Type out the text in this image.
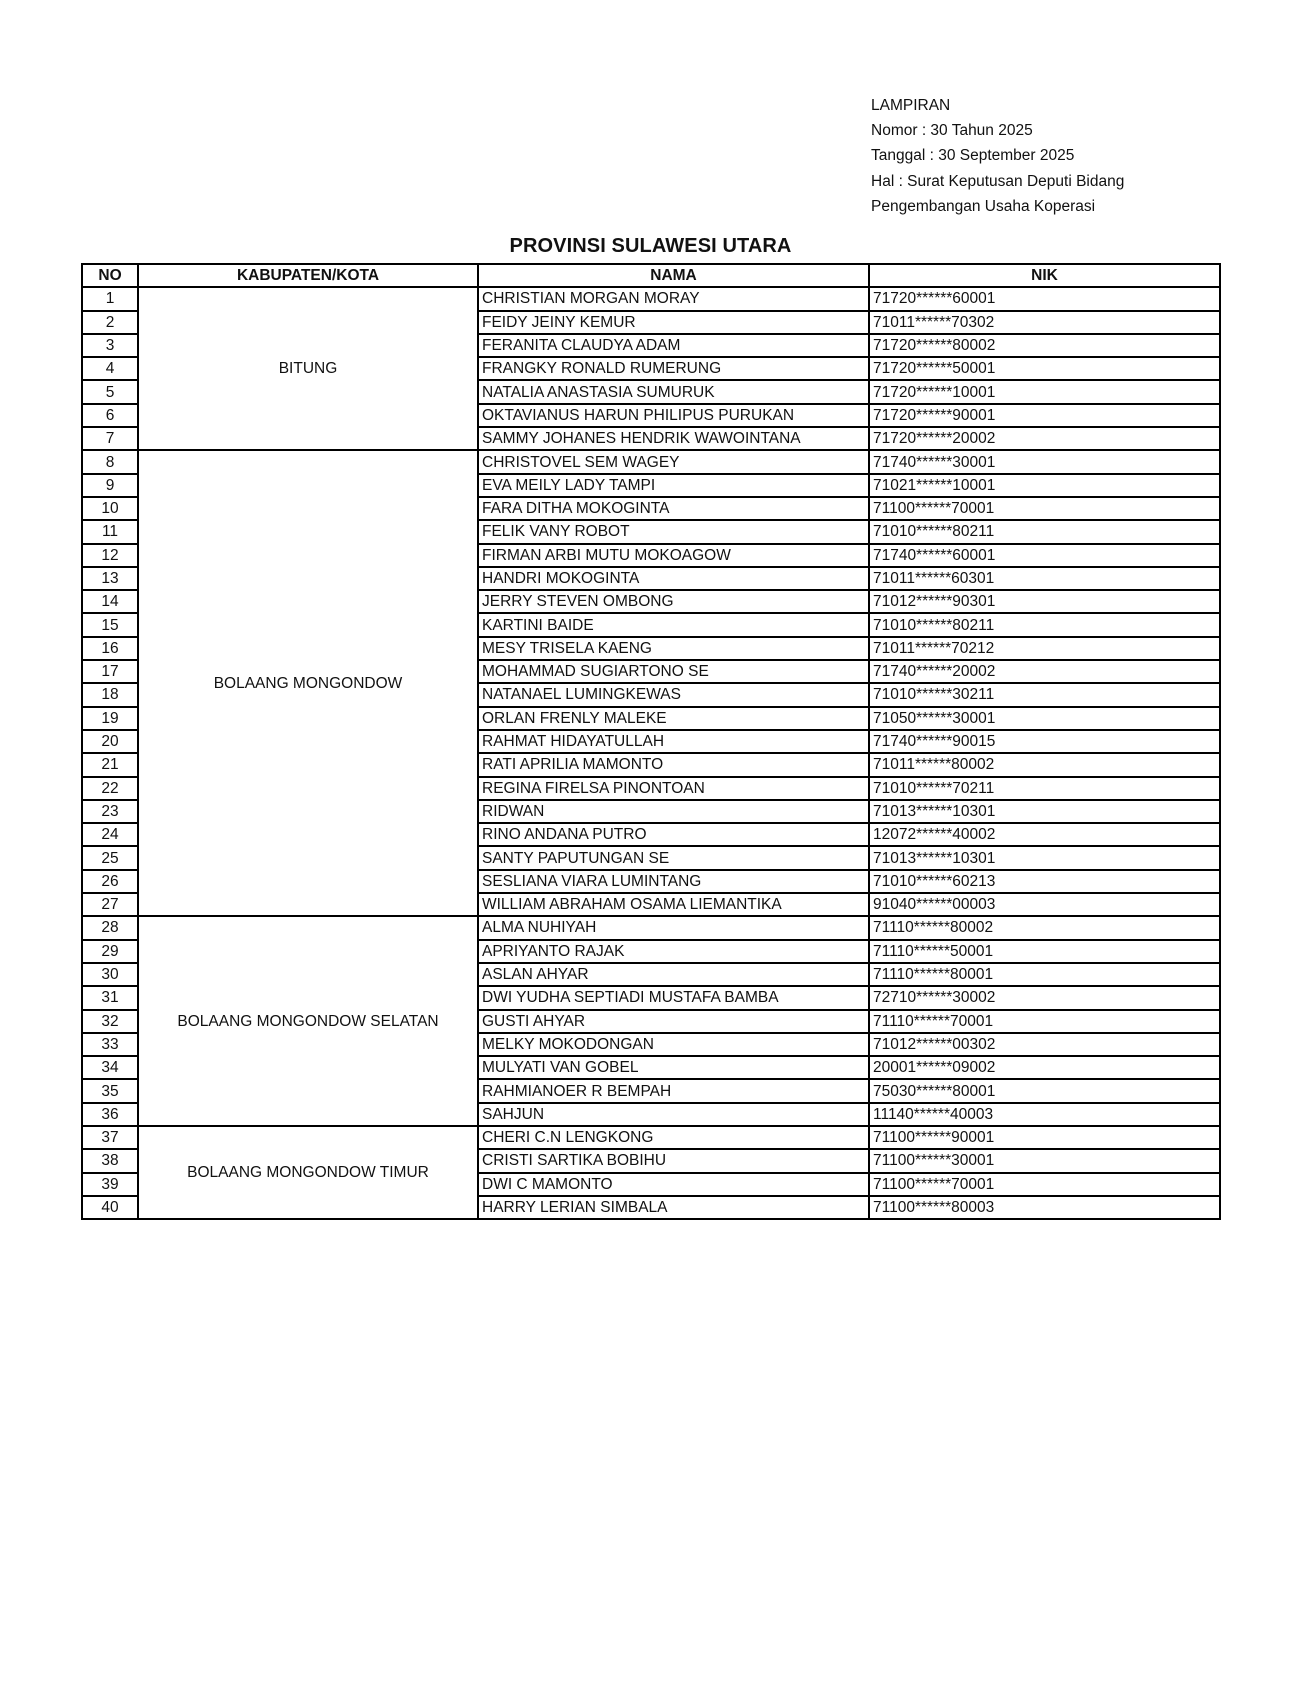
LAMPIRAN
Nomor : 30 Tahun 2025
Tanggal : 30 September 2025
Hal : Surat Keputusan Deputi Bidang
Pengembangan Usaha Koperasi
PROVINSI SULAWESI UTARA
NO	KABUPATEN/KOTA	NAMA	NIK
1	BITUNG	CHRISTIAN MORGAN MORAY	71720******60001
2		FEIDY JEINY KEMUR	71011******70302
3		FERANITA CLAUDYA ADAM	71720******80002
4		FRANGKY RONALD RUMERUNG	71720******50001
5		NATALIA ANASTASIA SUMURUK	71720******10001
6		OKTAVIANUS HARUN PHILIPUS PURUKAN	71720******90001
7		SAMMY JOHANES HENDRIK WAWOINTANA	71720******20002
8	BOLAANG MONGONDOW	CHRISTOVEL SEM WAGEY	71740******30001
9		EVA MEILY LADY TAMPI	71021******10001
10		FARA DITHA MOKOGINTA	71100******70001
11		FELIK VANY ROBOT	71010******80211
12		FIRMAN ARBI MUTU MOKOAGOW	71740******60001
13		HANDRI MOKOGINTA	71011******60301
14		JERRY STEVEN OMBONG	71012******90301
15		KARTINI BAIDE	71010******80211
16		MESY TRISELA KAENG	71011******70212
17		MOHAMMAD SUGIARTONO SE	71740******20002
18		NATANAEL LUMINGKEWAS	71010******30211
19		ORLAN FRENLY MALEKE	71050******30001
20		RAHMAT HIDAYATULLAH	71740******90015
21		RATI APRILIA MAMONTO	71011******80002
22		REGINA FIRELSA PINONTOAN	71010******70211
23		RIDWAN	71013******10301
24		RINO ANDANA PUTRO	12072******40002
25		SANTY PAPUTUNGAN SE	71013******10301
26		SESLIANA VIARA LUMINTANG	71010******60213
27		WILLIAM ABRAHAM OSAMA LIEMANTIKA	91040******00003
28	BOLAANG MONGONDOW SELATAN	ALMA NUHIYAH	71110******80002
29		APRIYANTO RAJAK	71110******50001
30		ASLAN AHYAR	71110******80001
31		DWI YUDHA SEPTIADI MUSTAFA BAMBA	72710******30002
32		GUSTI AHYAR	71110******70001
33		MELKY MOKODONGAN	71012******00302
34		MULYATI VAN GOBEL	20001******09002
35		RAHMIANOER R BEMPAH	75030******80001
36		SAHJUN	11140******40003
37	BOLAANG MONGONDOW TIMUR	CHERI C.N LENGKONG	71100******90001
38		CRISTI SARTIKA BOBIHU	71100******30001
39		DWI C MAMONTO	71100******70001
40		HARRY LERIAN SIMBALA	71100******80003
